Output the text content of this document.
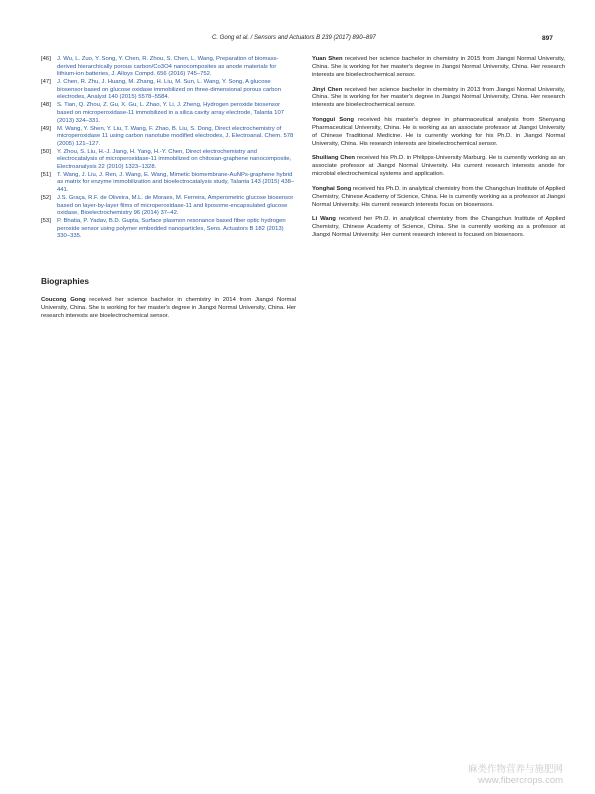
C. Gong et al. / Sensors and Actuators B 239 (2017) 890–897	897
[46]	J. Wu, L. Zuo, Y. Song, Y. Chen, R. Zhou, S. Chen, L. Wang, Preparation of biomass-derived hierarchically porous carbon/Co3O4 nanocomposites as anode materials for lithium-ion batteries, J. Alloys Compd. 656 (2016) 745–752.
[47]	J. Chen, R. Zhu, J. Huang, M. Zhang, H. Liu, M. Sun, L. Wang, Y. Song, A glucose biosensor based on glucose oxidase immobilized on three-dimensional porous carbon electrodes, Analyst 140 (2015) 5578–5584.
[48]	S. Tian, Q. Zhou, Z. Gu, X. Gu, L. Zhao, Y. Li, J. Zheng, Hydrogen peroxide biosensor based on microperoxidase-11 immobilized in a silica cavity array electrode, Talanta 107 (2013) 324–331.
[49]	M. Wang, Y. Shen, Y. Liu, T. Wang, F. Zhao, B. Liu, S. Dong, Direct electrochemistry of microperoxidase 11 using carbon nanotube modified electrodes, J. Electroanal. Chem. 578 (2005) 121–127.
[50]	Y. Zhou, S. Liu, H.-J. Jiang, H. Yang, H.-Y. Chen, Direct electrochemistry and electrocatalysis of microperoxidase-11 immobilized on chitosan-graphene nanocomposite, Electroanalysis 22 (2010) 1323–1328.
[51]	T. Wang, J. Liu, J. Ren, J. Wang, E. Wang, Mimetic biomembrane-AuNPs-graphene hybrid as matrix for enzyme immobilization and bioelectrocatalysis study, Talanta 143 (2015) 438–441.
[52]	J.S. Graça, R.F. de Oliveira, M.L. de Moraes, M. Ferreira, Amperometric glucose biosensor based on layer-by-layer films of microperoxidase-11 and liposome-encapsulated glucose oxidase, Bioelectrochemistry 96 (2014) 37–42.
[53]	P. Bhatia, P. Yadav, B.D. Gupta, Surface plasmon resonance based fiber optic hydrogen peroxide sensor using polymer embedded nanoparticles, Sens. Actuators B 182 (2013) 330–335.
Biographies
Coucong Gong received her science bachelor in chemistry in 2014 from Jiangxi Normal University, China. She is working for her master's degree in Jiangxi Normal University, China. Her research interests are bioelectrochemical sensor.
Yuan Shen received her science bachelor in chemistry in 2015 from Jiangxi Normal University, China. She is working for her master's degree in Jiangxi Normal University, China. Her research interests are bioelectrochemical sensor.
Jinyi Chen received her science bachelor in chemistry in 2013 from Jiangxi Normal University, China. She is working for her master's degree in Jiangxi Normal University, China. Her research interests are bioelectrochemical sensor.
Yonggui Song received his master's degree in pharmaceutical analysis from Shenyang Pharmaceutical University, China. He is working as an associate professor at Jiangxi University of Chinese Traditional Medicine. He is currently working for his Ph.D. in Jiangxi Normal University, China. His research interests are bioelectrochemical sensor.
Shuiliang Chen received his Ph.D. in Philipps-University Marburg. He is currently working as an associate professor at Jiangxi Normal University. His current research interests anode for microbial electrochemical systems and application.
Yonghai Song received his Ph.D. in analytical chemistry from the Changchun Institute of Applied Chemistry, Chinese Academy of Science, China. He is currently working as a professor at Jiangxi Normal University. His current research interests focus on biosensors.
Li Wang received her Ph.D. in analytical chemistry from the Changchun Institute of Applied Chemistry, Chinese Academy of Science, China. She is currently working as a professor at Jiangxi Normal University. Her current research interest is focused on biosensors.
麻类作物营养与施肥网
www.fibercrops.com
